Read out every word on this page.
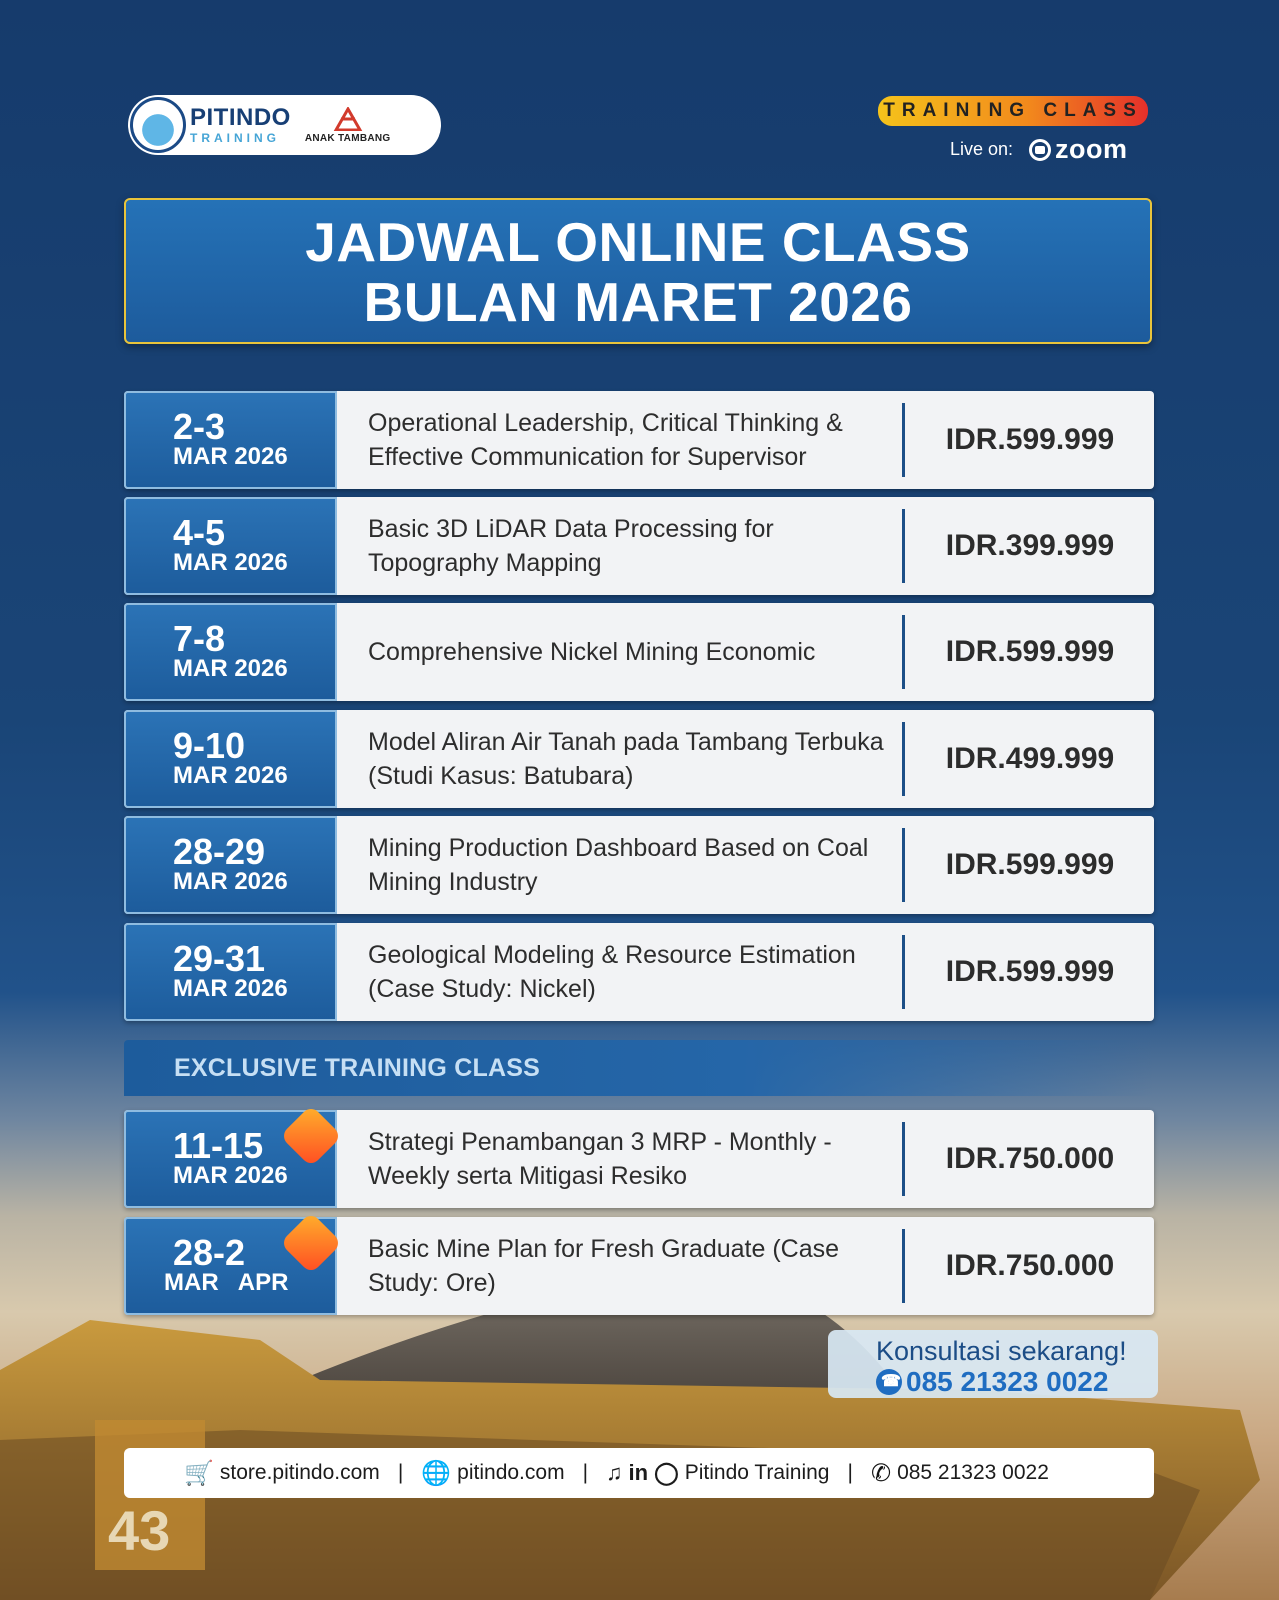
43
PITINDO
TRAINING	ANAK TAMBANG
TRAINING CLASS
Live on: zoom
JADWAL ONLINE CLASS
BULAN MARET 2026
2-3
MAR 2026
Operational Leadership, Critical Thinking & Effective Communication for Supervisor
IDR.599.999
4-5
MAR 2026
Basic 3D LiDAR Data Processing for Topography Mapping
IDR.399.999
7-8
MAR 2026
Comprehensive Nickel Mining Economic	IDR.599.999
9-10
MAR 2026
Model Aliran Air Tanah pada Tambang Terbuka (Studi Kasus: Batubara)
IDR.499.999
28-29
MAR 2026
Mining Production Dashboard Based on Coal Mining Industry
IDR.599.999
29-31
MAR 2026
Geological Modeling & Resource Estimation (Case Study: Nickel)
IDR.599.999
EXCLUSIVE TRAINING CLASS
11-15
MAR 2026
Strategi Penambangan 3 MRP - Monthly - Weekly serta Mitigasi Resiko
IDR.750.000
28-2
MAR   APR
Basic Mine Plan for Fresh Graduate (Case Study: Ore)
IDR.750.000
Konsultasi sekarang!
☎
085 21323 0022
🛒 store.pitindo.com | 🌐 pitindo.com | ♫ in ◯ Pitindo Training | ✆ 085 21323 0022
